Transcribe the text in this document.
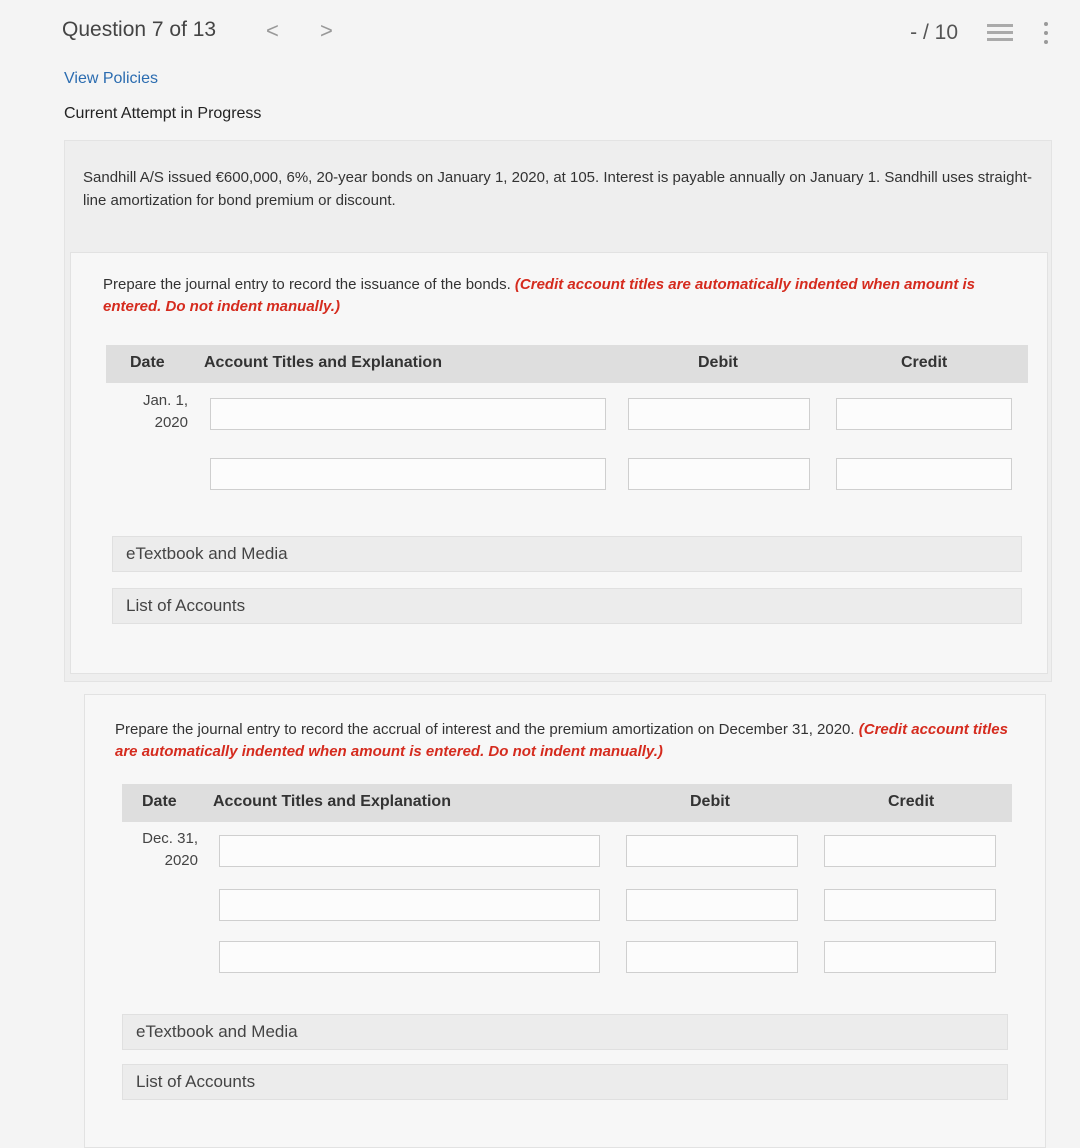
Question 7 of 13 < >	- / 10
View Policies
Current Attempt in Progress
Sandhill A/S issued €600,000, 6%, 20-year bonds on January 1, 2020, at 105. Interest is payable annually on January 1. Sandhill uses straight-line amortization for bond premium or discount.
Prepare the journal entry to record the issuance of the bonds. (Credit account titles are automatically indented when amount is entered. Do not indent manually.)
Date Account Titles and Explanation	Debit	Credit
Jan. 1,
2020
eTextbook and Media
List of Accounts
Prepare the journal entry to record the accrual of interest and the premium amortization on December 31, 2020. (Credit account titles are automatically indented when amount is entered. Do not indent manually.)
Date Account Titles and Explanation	Debit	Credit
Dec. 31,
2020
eTextbook and Media
List of Accounts
